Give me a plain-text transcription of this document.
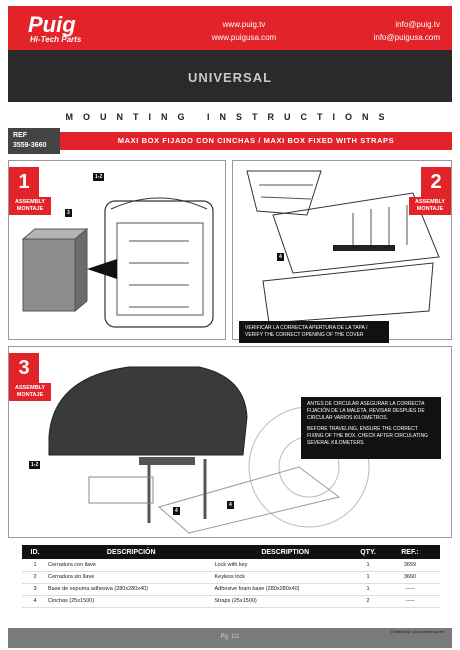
Puig
Hi-Tech Parts
www.puig.tv
www.puigusa.com
info@puig.tv
info@puigusa.com
UNIVERSAL
MOUNTING INSTRUCTIONS
REF
3559-3660
MAXI BOX FIJADO CON CINCHAS / MAXI BOX FIXED WITH STRAPS
1
ASSEMBLY MONTAJE
1-2
3
2
ASSEMBLY MONTAJE
4
VERIFICAR LA CORRECTA APERTURA DE LA TAPA / VERIFY THE CORRECT OPENING OF THE COVER
3
ASSEMBLY MONTAJE
1-2
4
4
ANTES DE CIRCULAR ASEGURAR LA CORRECTA FIJACIÓN DE LA MALETA. REVISAR DESPUES DE CIRCULAR VARIOS KILOMETROS.
BEFORE TRAVELING, ENSURE THE CORRECT FIXING OF THE BOX. CHECK AFTER CIRCULATING SEVERAL KILOMETERS.
ID.	DESCRIPCIÓN	DESCRIPTION	QTY.	REF.:
1	Cerradura con llave	Lock with key	1	3659
2	Cerradura sin llave	Keyless lock	1	3660
3	Base de espuma adhesiva (280x280x40)	Adhesive foam base (280x280x40)	1	-----
4	Cinchas (25x1500)	Straps (25x1500)	2	-----
Created by: www.mikeesty.net
Pg. 1/1
